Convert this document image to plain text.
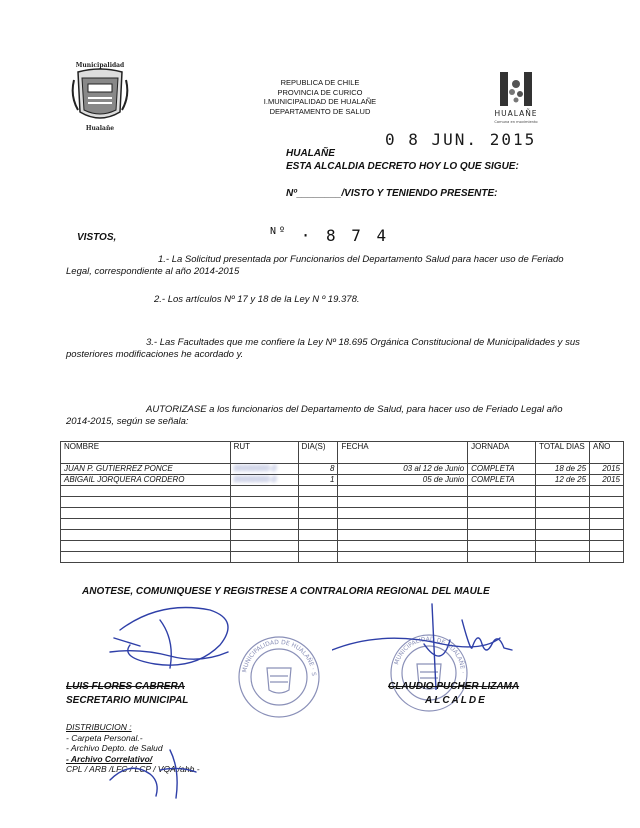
Municipalidad
Hualañe
REPUBLICA DE CHILE
PROVINCIA DE CURICO
I.MUNICIPALIDAD DE HUALAÑE
DEPARTAMENTO DE SALUD	HUALAÑE
Comuna en movimiento
0 8 JUN. 2015
HUALAÑE
ESTA ALCALDIA DECRETO HOY LO QUE SIGUE:
Nº________/VISTO Y TENIENDO PRESENTE:
VISTOS,
$^{Nº}$ · 8 7 4
1.- La Solicitud presentada por Funcionarios del Departamento Salud para hacer uso de Feriado Legal, correspondiente al año 2014-2015
2.- Los artículos Nº 17 y 18 de la Ley N º 19.378.
3.- Las Facultades que me confiere la Ley Nº 18.695 Orgánica Constitucional de Municipalidades y sus posteriores modificaciones he acordado y.
AUTORIZASE a los funcionarios del Departamento de Salud, para hacer uso de Feriado Legal año 2014-2015, según se señala:
NOMBRE	RUT	DIA(S)	FECHA	JORNADA	TOTAL DIAS	AÑO
JUAN P. GUTIERREZ PONCE	00000000-0	8	03 al 12 de Junio	COMPLETA	18 de 25	2015
ABIGAIL JORQUERA CORDERO	00000000-0	1	05 de Junio	COMPLETA	12 de 25	2015

ANOTESE, COMUNIQUESE Y REGISTRESE A CONTRALORIA REGIONAL DEL MAULE
MUNICIPALIDAD DE HUALAÑE · S
MUNICIPALIDAD DE HUALAÑE ·
LUIS FLORES CABRERA
SECRETARIO MUNICIPAL
CLAUDIO PUCHER LIZAMA
ALCALDE
DISTRIBUCION :
- Carpeta Personal.-
- Archivo Depto. de Salud
- Archivo Correlativo/
CPL / ARB /LFC / LCP / VQA /ahb.-
